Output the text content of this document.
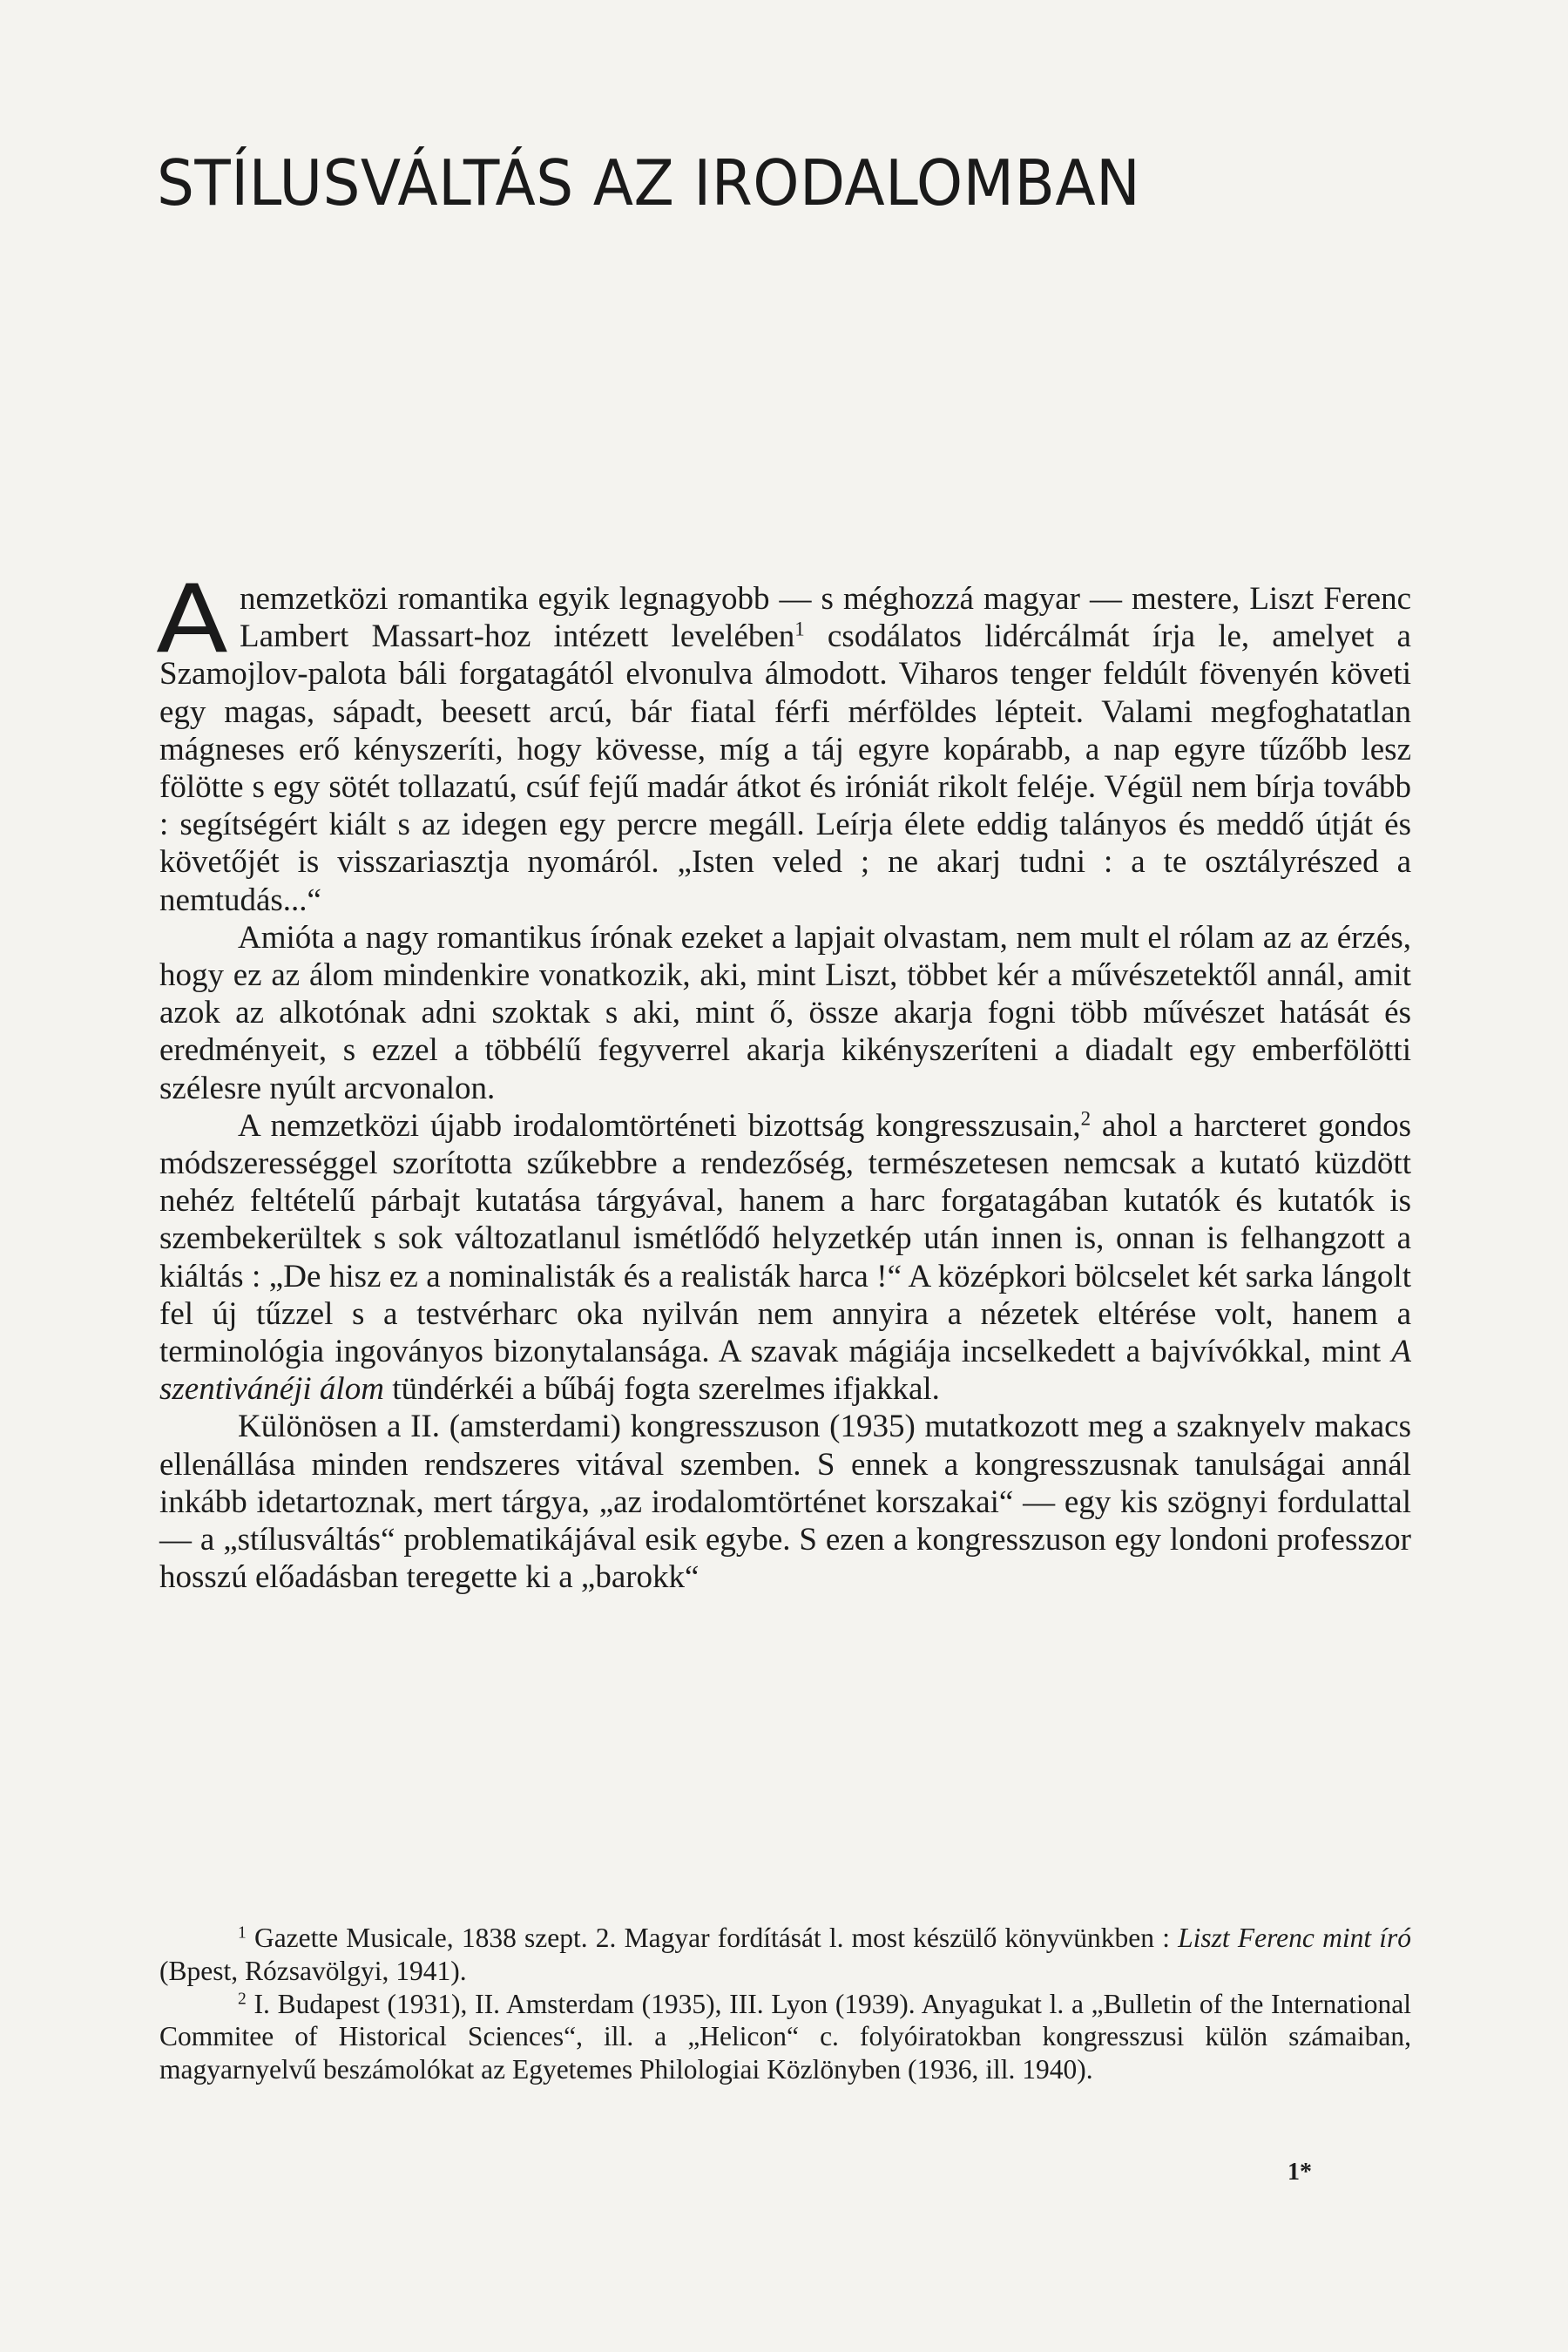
STÍLUSVÁLTÁS AZ IRODALOMBAN

Anemzetközi romantika egyik legnagyobb — s méghozzá magyar — mestere, Liszt Ferenc Lambert Massart-hoz intézett levelében$^1$ csodálatos lidércálmát írja le, amelyet a Szamojlov-palota báli forgatagától elvonulva álmodott. Viharos tenger feldúlt fövenyén követi egy magas, sápadt, beesett arcú, bár fiatal férfi mérföldes lépteit. Valami megfoghatatlan mágneses erő kényszeríti, hogy kövesse, míg a táj egyre kopárabb, a nap egyre tűzőbb lesz fölötte s egy sötét tollazatú, csúf fejű madár átkot és iróniát rikolt feléje. Végül nem bírja tovább : segítségért kiált s az idegen egy percre megáll. Leírja élete eddig talányos és meddő útját és követőjét is visszariasztja nyomáról. „Isten veled ; ne akarj tudni : a te osztályrészed a nemtudás...“

Amióta a nagy romantikus írónak ezeket a lapjait olvastam, nem mult el rólam az az érzés, hogy ez az álom mindenkire vonatkozik, aki, mint Liszt, többet kér a művészetektől annál, amit azok az alkotónak adni szoktak s aki, mint ő, össze akarja fogni több művészet hatását és eredményeit, s ezzel a többélű fegyverrel akarja kikényszeríteni a diadalt egy emberfölötti szélesre nyúlt arcvonalon.

A nemzetközi újabb irodalomtörténeti bizottság kongresszusain,$^2$ ahol a harcteret gondos módszerességgel szorította szűkebbre a rendezőség, természetesen nemcsak a kutató küzdött nehéz feltételű párbajt kutatása tárgyával, hanem a harc forgatagában kutatók és kutatók is szembekerültek s sok változatlanul ismétlődő helyzetkép után innen is, onnan is felhangzott a kiáltás : „De hisz ez a nominalisták és a realisták harca !“ A középkori bölcselet két sarka lángolt fel új tűzzel s a testvérharc oka nyilván nem annyira a nézetek eltérése volt, hanem a terminológia ingoványos bizonytalansága. A szavak mágiája incselkedett a bajvívókkal, mint A szentivánéji álom tündérkéi a bűbáj fogta szerelmes ifjakkal.

Különösen a II. (amsterdami) kongresszuson (1935) mutatkozott meg a szaknyelv makacs ellenállása minden rendszeres vitával szemben. S ennek a kongresszusnak tanulságai annál inkább idetartoznak, mert tárgya, „az irodalomtörténet korszakai“ — egy kis szögnyi fordulattal — a „stílusváltás“ problematikájával esik egybe. S ezen a kongresszuson egy londoni professzor hosszú előadásban teregette ki a „barokk“

$^1$ Gazette Musicale, 1838 szept. 2. Magyar fordítását l. most készülő könyvünkben : Liszt Ferenc mint író (Bpest, Rózsavölgyi, 1941).

$^2$ I. Budapest (1931), II. Amsterdam (1935), III. Lyon (1939). Anyagukat l. a „Bulletin of the International Commitee of Historical Sciences“, ill. a „Helicon“ c. folyóiratokban kongresszusi külön számaiban, magyarnyelvű beszámolókat az Egyetemes Philologiai Közlönyben (1936, ill. 1940).

1*
